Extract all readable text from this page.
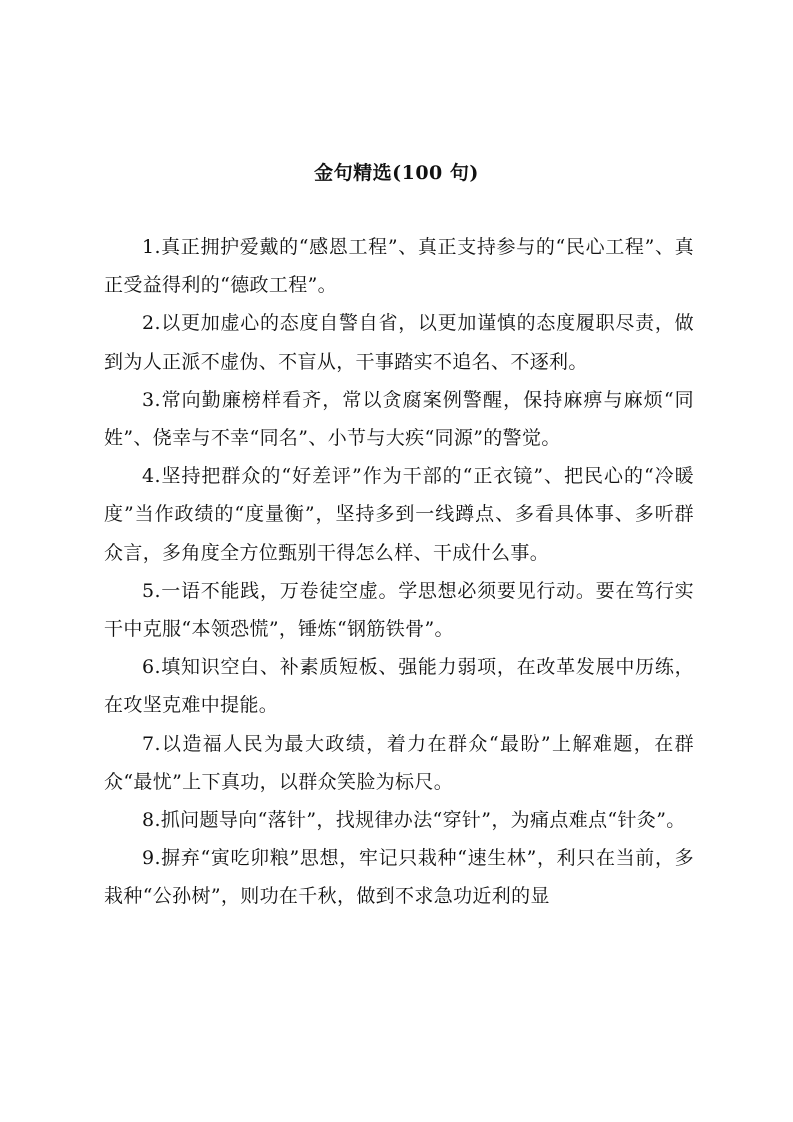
金句精选(100 句)

1.真正拥护爱戴的“感恩工程”、真正支持参与的“民心工程”、真正受益得利的“德政工程”。

2.以更加虚心的态度自警自省，以更加谨慎的态度履职尽责，做到为人正派不虚伪、不盲从，干事踏实不追名、不逐利。

3.常向勤廉榜样看齐，常以贪腐案例警醒，保持麻痹与麻烦“同姓”、侥幸与不幸“同名”、小节与大疾“同源”的警觉。

4.坚持把群众的“好差评”作为干部的“正衣镜”、把民心的“冷暖度”当作政绩的“度量衡”，坚持多到一线蹲点、多看具体事、多听群众言，多角度全方位甄别干得怎么样、干成什么事。

5.一语不能践，万卷徒空虚。学思想必须要见行动。要在笃行实干中克服“本领恐慌”，锤炼“钢筋铁骨”。

6.填知识空白、补素质短板、强能力弱项，在改革发展中历练，在攻坚克难中提能。

7.以造福人民为最大政绩，着力在群众“最盼”上解难题，在群众“最忧”上下真功，以群众笑脸为标尺。

8.抓问题导向“落针”，找规律办法“穿针”，为痛点难点“针灸”。

9.摒弃“寅吃卯粮”思想，牢记只栽种“速生林”，利只在当前，多栽种“公孙树”，则功在千秋，做到不求急功近利的显
